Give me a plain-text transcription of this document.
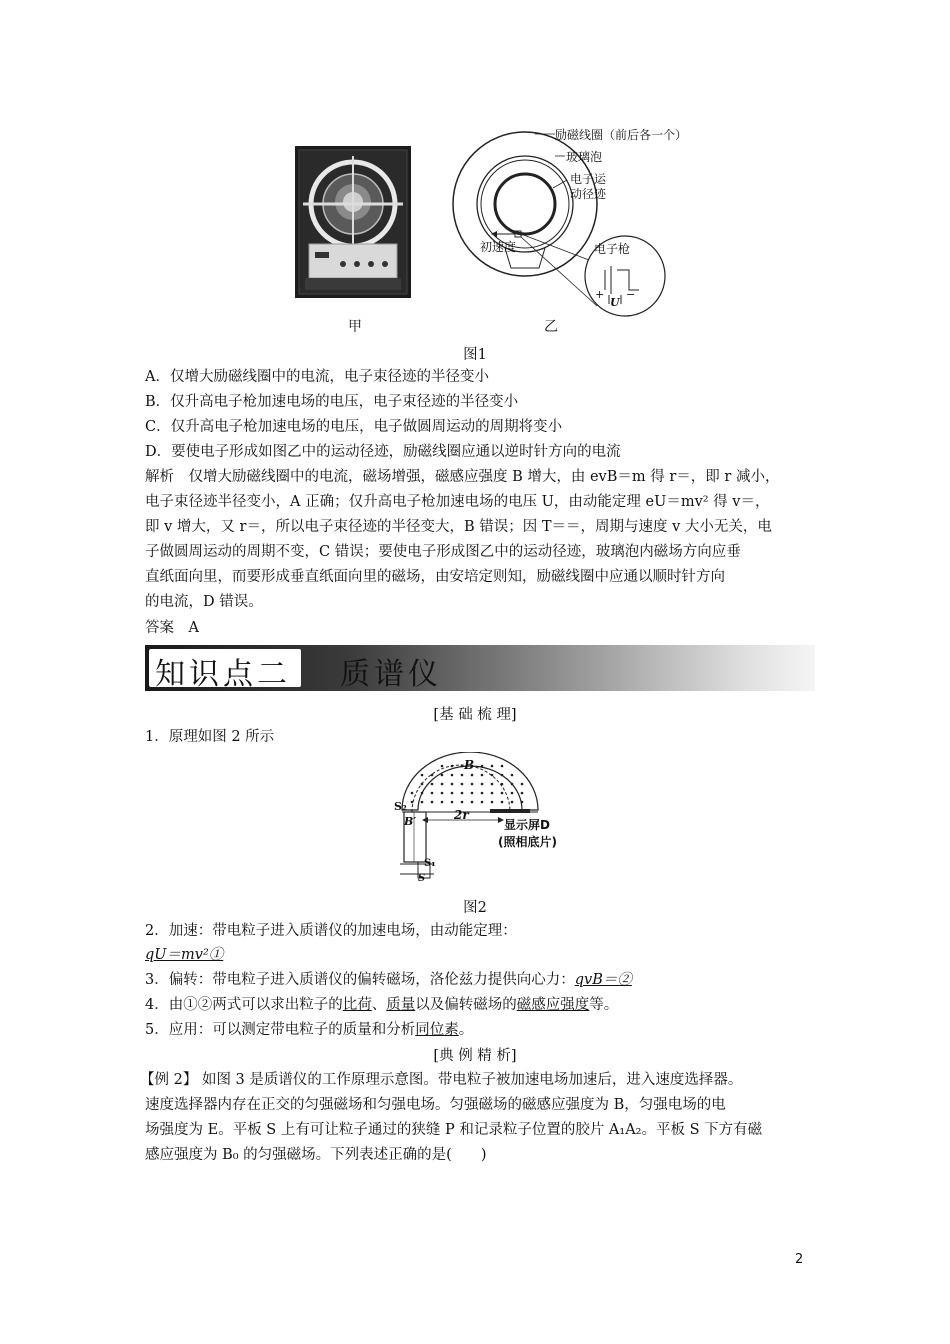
甲
励磁线圈（前后各一个）
玻璃泡
电子运
动径迹
初速度	电子枪
+ −
U
乙
图1
A．仅增大励磁线圈中的电流，电子束径迹的半径变小
B．仅升高电子枪加速电场的电压，电子束径迹的半径变小
C．仅升高电子枪加速电场的电压，电子做圆周运动的周期将变小
D．要使电子形成如图乙中的运动径迹，励磁线圈应通以逆时针方向的电流
解析　仅增大励磁线圈中的电流，磁场增强，磁感应强度 B 增大，由 evB＝m 得 r＝，即 r 减小，
电子束径迹半径变小，A 正确；仅升高电子枪加速电场的电压 U，由动能定理 eU＝mv² 得 v＝，
即 v 增大，又 r＝，所以电子束径迹的半径变大，B 错误；因 T＝＝，周期与速度 v 大小无关，电
子做圆周运动的周期不变，C 错误；要使电子形成图乙中的运动径迹，玻璃泡内磁场方向应垂
直纸面向里，而要形成垂直纸面向里的磁场，由安培定则知，励磁线圈中应通以顺时针方向
的电流，D 错误。
答案　A
知识点二 质谱仪
[基 础 梳 理]
1．原理如图 2 所示
B
B′
S₂
2r
显示屏D
(照相底片)
S₁
S
图2
2．加速：带电粒子进入质谱仪的加速电场，由动能定理：
qU＝mv²①
3．偏转：带电粒子进入质谱仪的偏转磁场，洛伦兹力提供向心力：qvB＝②
4．由①②两式可以求出粒子的比荷、质量以及偏转磁场的磁感应强度等。
5．应用：可以测定带电粒子的质量和分析同位素。
[典 例 精 析]
【例 2】 如图 3 是质谱仪的工作原理示意图。带电粒子被加速电场加速后，进入速度选择器。
速度选择器内存在正交的匀强磁场和匀强电场。匀强磁场的磁感应强度为 B，匀强电场的电
场强度为 E。平板 S 上有可让粒子通过的狭缝 P 和记录粒子位置的胶片 A₁A₂。平板 S 下方有磁
感应强度为 B₀ 的匀强磁场。下列表述正确的是(　　)
2
